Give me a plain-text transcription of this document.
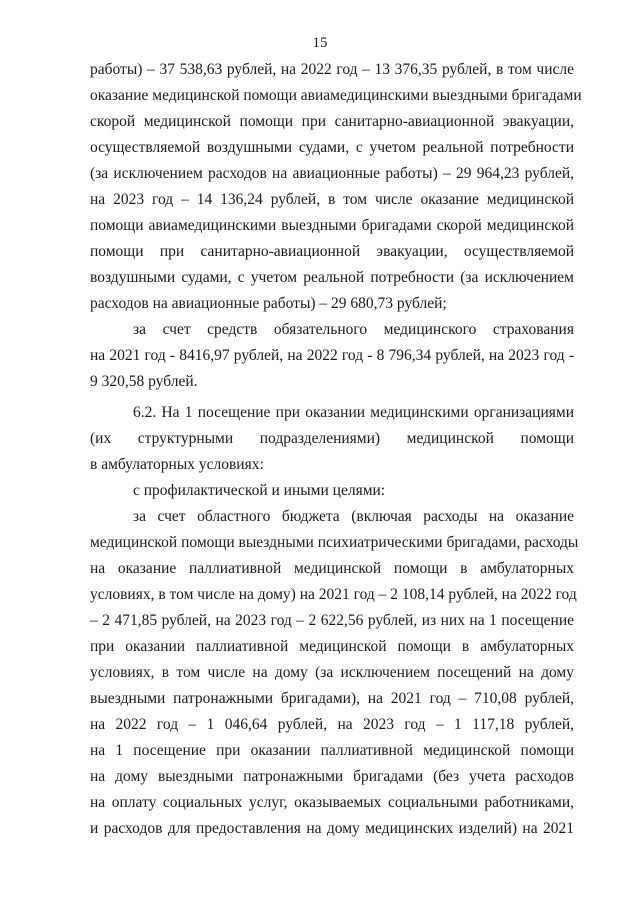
15
работы) – 37 538,63 рублей, на 2022 год – 13 376,35 рублей, в том числе
оказание медицинской помощи авиамедицинскими выездными бригадами
скорой медицинской помощи при санитарно-авиационной эвакуации,
осуществляемой воздушными судами, с учетом реальной потребности
(за исключением расходов на авиационные работы) – 29 964,23 рублей,
на 2023 год – 14 136,24 рублей, в том числе оказание медицинской
помощи авиамедицинскими выездными бригадами скорой медицинской
помощи при санитарно-авиационной эвакуации, осуществляемой
воздушными судами, с учетом реальной потребности (за исключением
расходов на авиационные работы) – 29 680,73 рублей;
за счет средств обязательного медицинского страхования
на 2021 год - 8416,97 рублей, на 2022 год - 8 796,34 рублей, на 2023 год -
9 320,58 рублей.
6.2. На 1 посещение при оказании медицинскими организациями
(их структурными подразделениями) медицинской помощи
в амбулаторных условиях:
с профилактической и иными целями:
за счет областного бюджета (включая расходы на оказание
медицинской помощи выездными психиатрическими бригадами, расходы
на оказание паллиативной медицинской помощи в амбулаторных
условиях, в том числе на дому) на 2021 год – 2 108,14 рублей, на 2022 год
– 2 471,85 рублей, на 2023 год – 2 622,56 рублей, из них на 1 посещение
при оказании паллиативной медицинской помощи в амбулаторных
условиях, в том числе на дому (за исключением посещений на дому
выездными патронажными бригадами), на 2021 год – 710,08 рублей,
на 2022 год – 1 046,64 рублей, на 2023 год – 1 117,18 рублей,
на 1 посещение при оказании паллиативной медицинской помощи
на дому выездными патронажными бригадами (без учета расходов
на оплату социальных услуг, оказываемых социальными работниками,
и расходов для предоставления на дому медицинских изделий) на 2021
